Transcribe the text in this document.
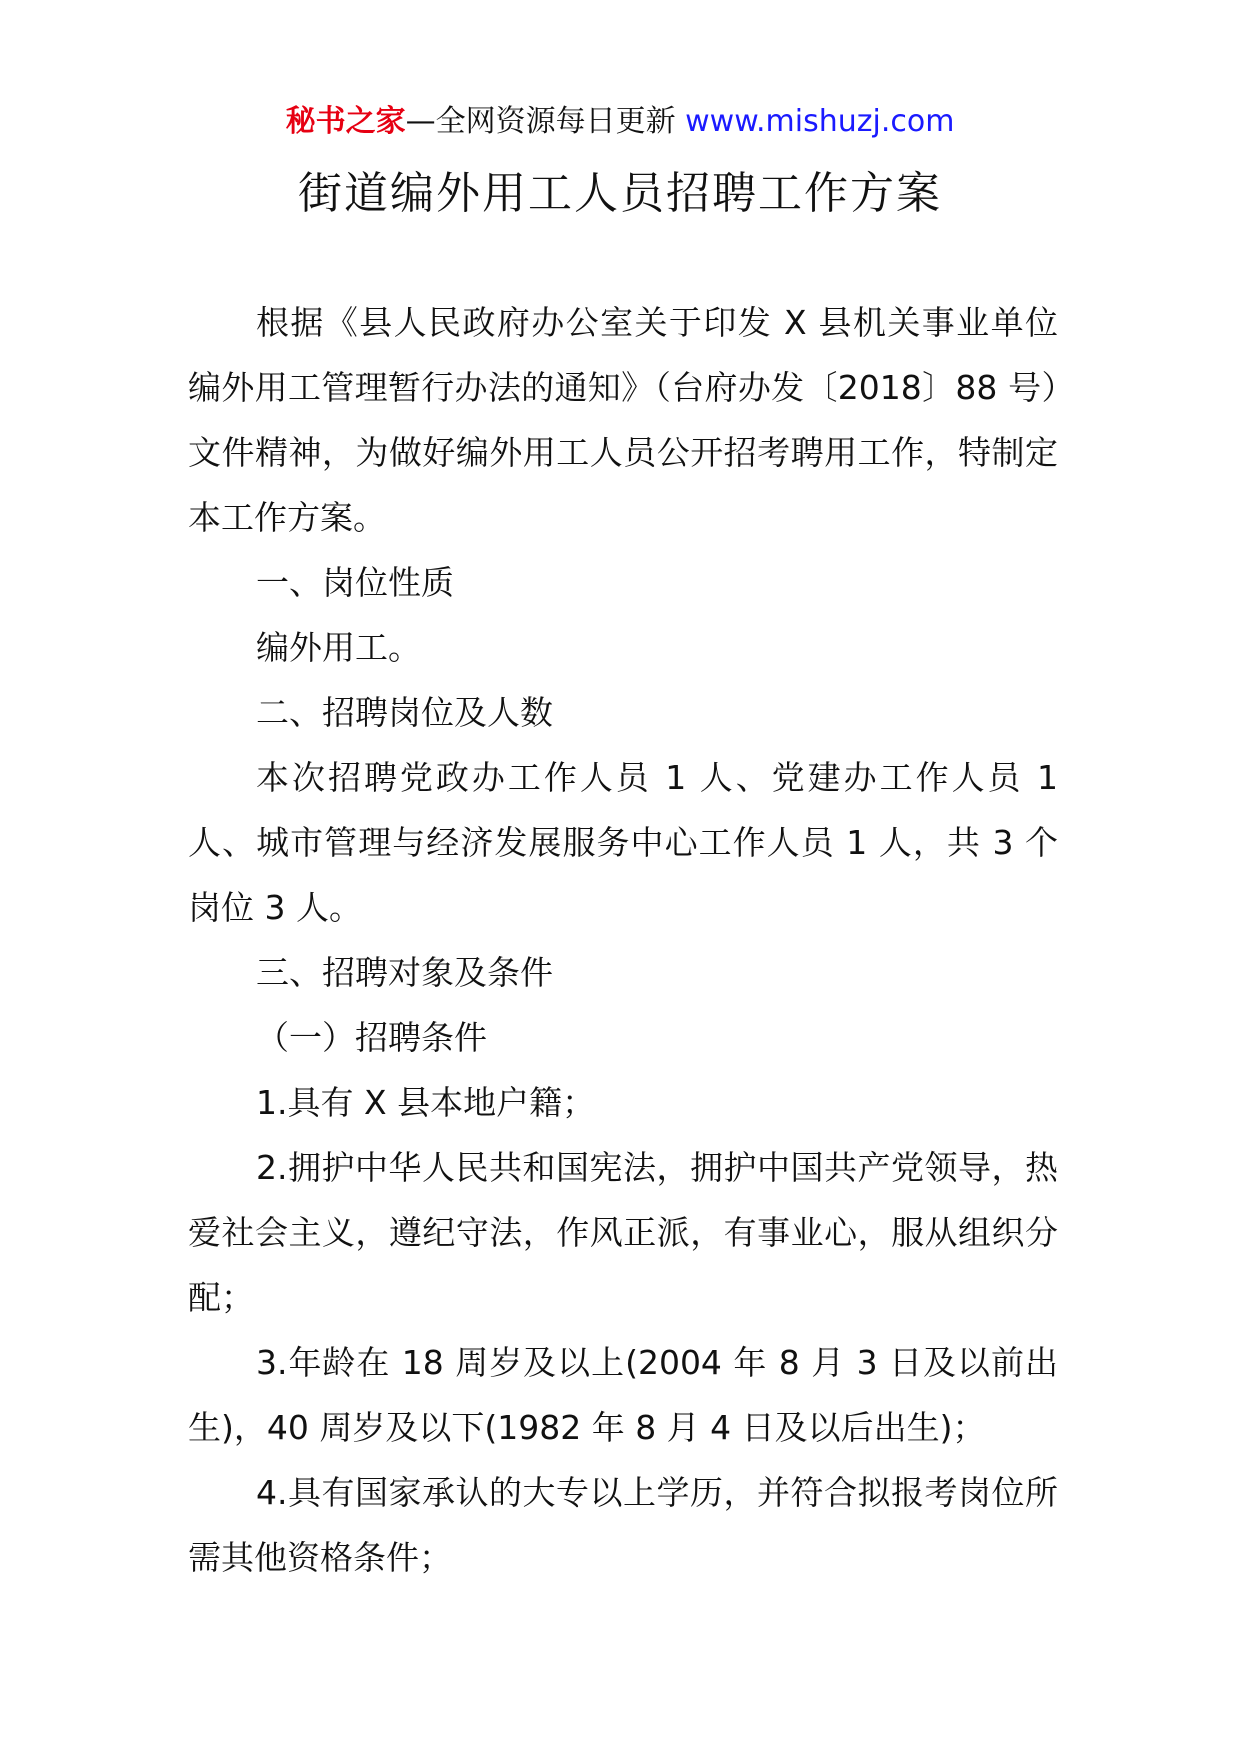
秘书之家—全网资源每日更新 www.mishuzj.com
街道编外用工人员招聘工作方案

根据《县人民政府办公室关于印发 X 县机关事业单位编外用工管理暂行办法的通知》（台府办发〔2018〕88 号）文件精神，为做好编外用工人员公开招考聘用工作，特制定本工作方案。

一、岗位性质

编外用工。

二、招聘岗位及人数

本次招聘党政办工作人员 1 人、党建办工作人员 1 人、城市管理与经济发展服务中心工作人员 1 人，共 3 个岗位 3 人。

三、招聘对象及条件

（一）招聘条件

1.具有 X 县本地户籍；

2.拥护中华人民共和国宪法，拥护中国共产党领导，热爱社会主义，遵纪守法，作风正派，有事业心，服从组织分配；

3.年龄在 18 周岁及以上(2004 年 8 月 3 日及以前出生)，40 周岁及以下(1982 年 8 月 4 日及以后出生)；

4.具有国家承认的大专以上学历，并符合拟报考岗位所需其他资格条件；
